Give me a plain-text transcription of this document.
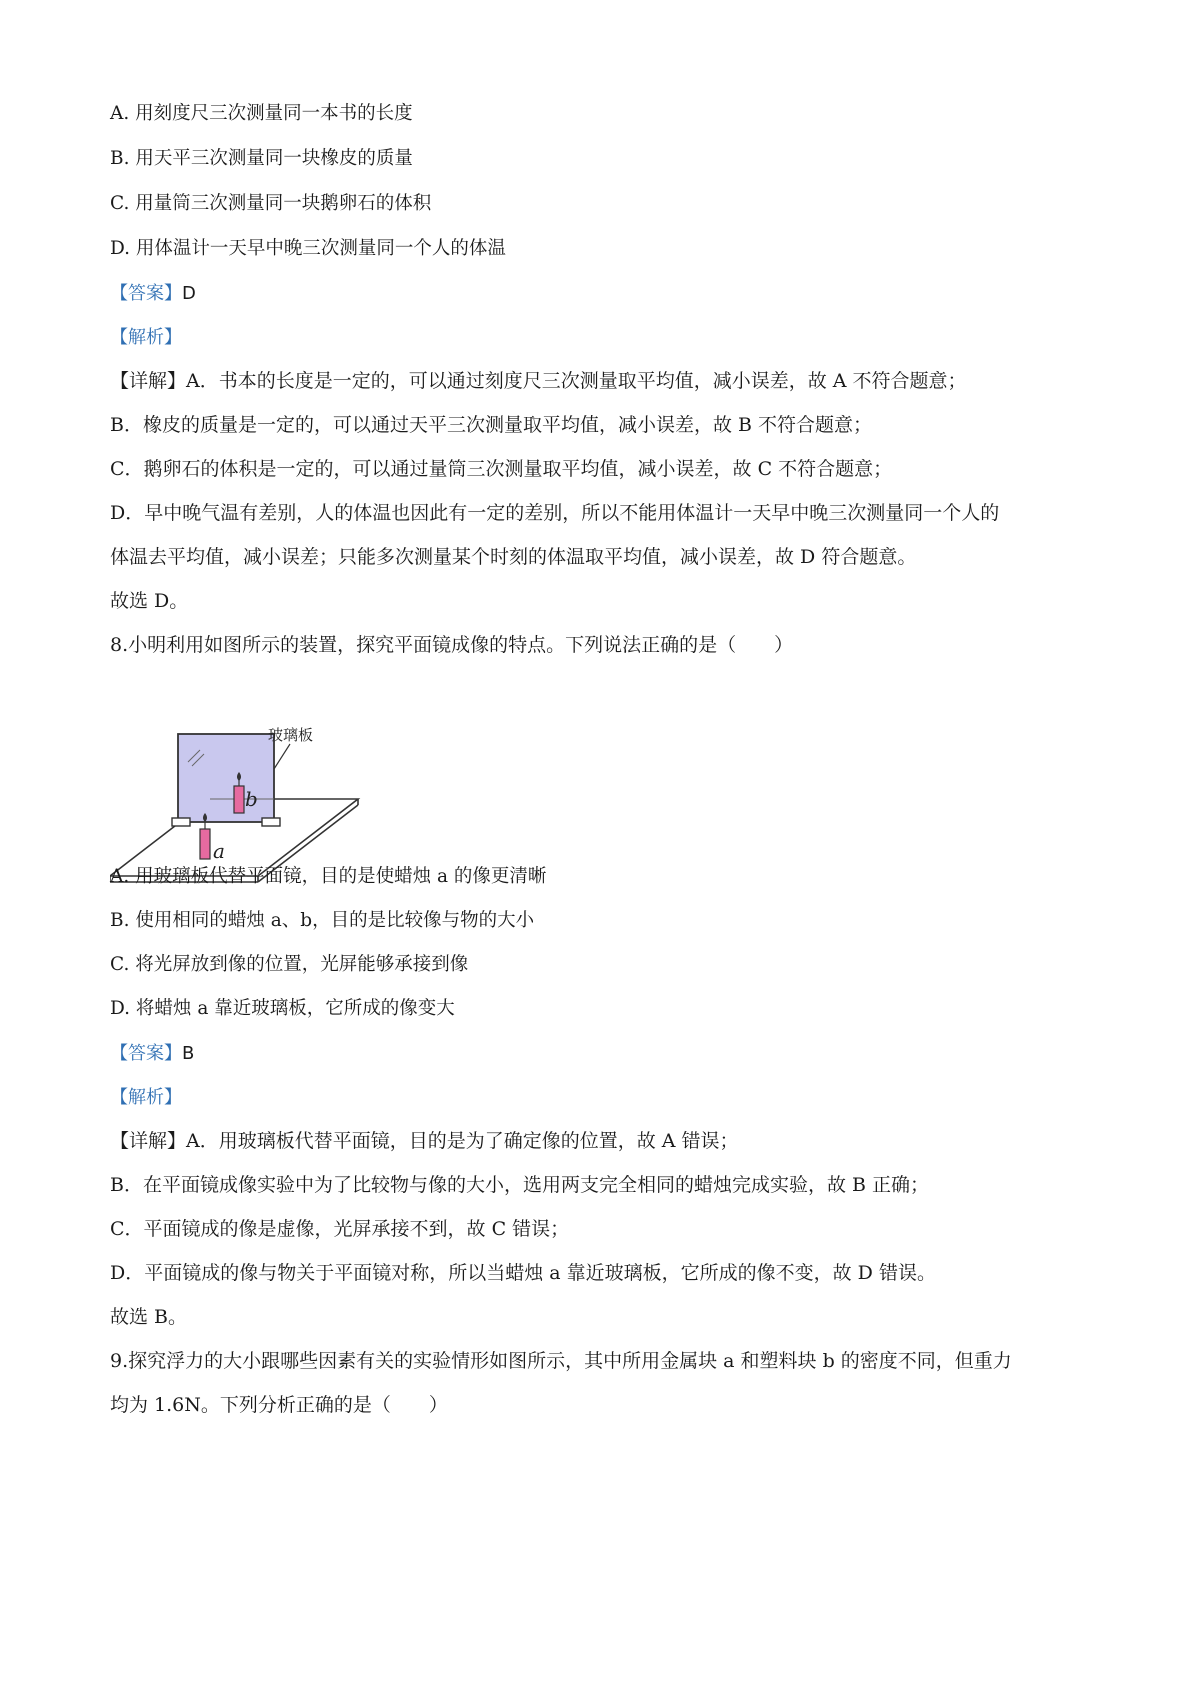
A. 用刻度尺三次测量同一本书的长度
B. 用天平三次测量同一块橡皮的质量
C. 用量筒三次测量同一块鹅卵石的体积
D. 用体温计一天早中晚三次测量同一个人的体温
【答案】D
【解析】
【详解】A．书本的长度是一定的，可以通过刻度尺三次测量取平均值，减小误差，故 A 不符合题意；
B．橡皮的质量是一定的，可以通过天平三次测量取平均值，减小误差，故 B 不符合题意；
C．鹅卵石的体积是一定的，可以通过量筒三次测量取平均值，减小误差，故 C 不符合题意；
D．早中晚气温有差别，人的体温也因此有一定的差别，所以不能用体温计一天早中晚三次测量同一个人的
体温去平均值，减小误差；只能多次测量某个时刻的体温取平均值，减小误差，故 D 符合题意。
故选 D。
8.小明利用如图所示的装置，探究平面镜成像的特点。下列说法正确的是（　　）
玻璃板
b
a
A. 用玻璃板代替平面镜，目的是使蜡烛 a 的像更清晰
B. 使用相同的蜡烛 a、b，目的是比较像与物的大小
C. 将光屏放到像的位置，光屏能够承接到像
D. 将蜡烛 a 靠近玻璃板，它所成的像变大
【答案】B
【解析】
【详解】A．用玻璃板代替平面镜，目的是为了确定像的位置，故 A 错误；
B．在平面镜成像实验中为了比较物与像的大小，选用两支完全相同的蜡烛完成实验，故 B 正确；
C．平面镜成的像是虚像，光屏承接不到，故 C 错误；
D．平面镜成的像与物关于平面镜对称，所以当蜡烛 a 靠近玻璃板，它所成的像不变，故 D 错误。
故选 B。
9.探究浮力的大小跟哪些因素有关的实验情形如图所示，其中所用金属块 a 和塑料块 b 的密度不同，但重力
均为 1.6N。下列分析正确的是（　　）
